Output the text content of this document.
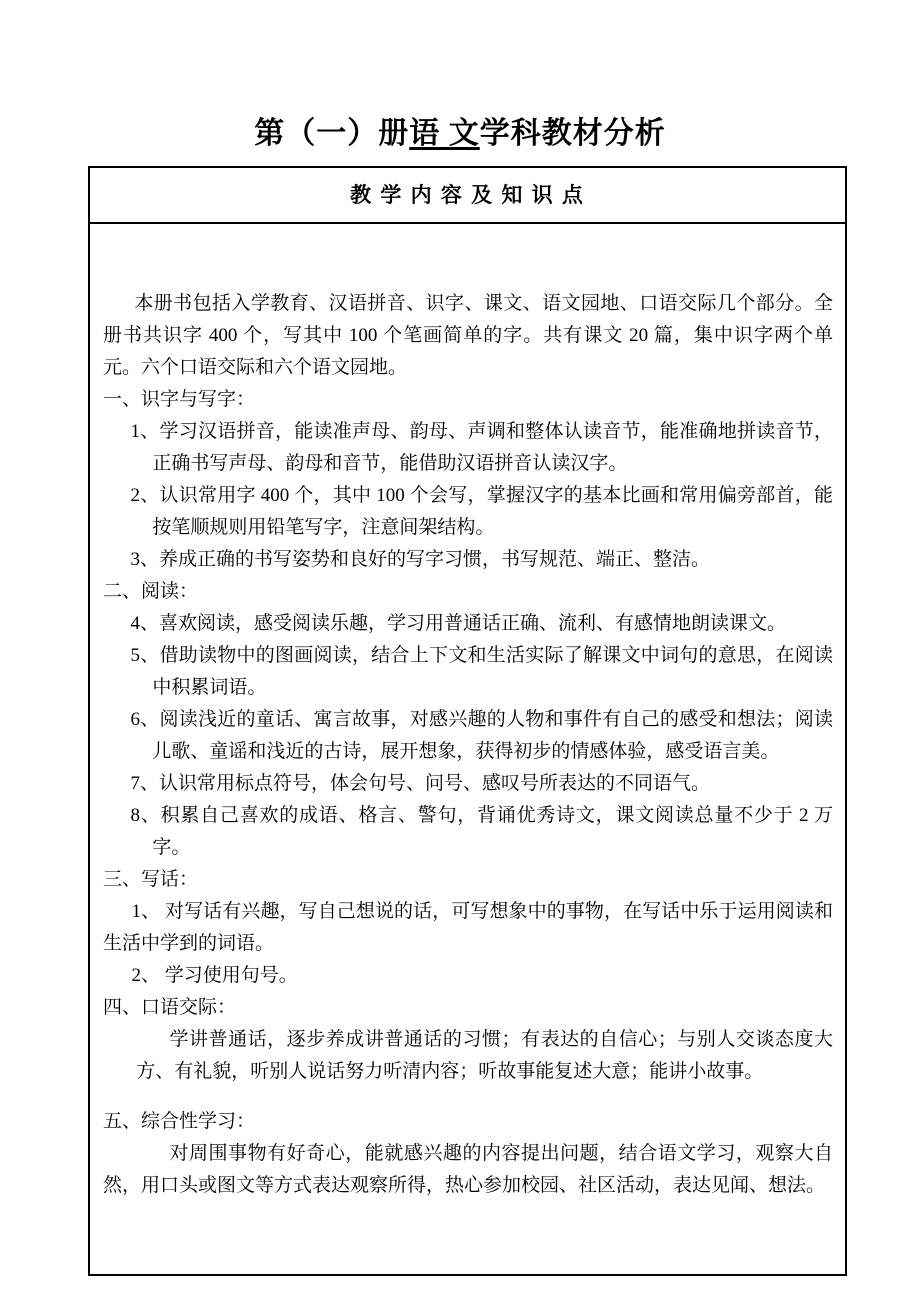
第（一）册语 文学科教材分析
教 学 内 容 及 知 识 点

本册书包括入学教育、汉语拼音、识字、课文、语文园地、口语交际几个部分。全册书共识字 400 个，写其中 100 个笔画简单的字。共有课文 20 篇，集中识字两个单元。六个口语交际和六个语文园地。

一、识字与写字：

1、学习汉语拼音，能读准声母、韵母、声调和整体认读音节，能准确地拼读音节，正确书写声母、韵母和音节，能借助汉语拼音认读汉字。

2、认识常用字 400 个，其中 100 个会写，掌握汉字的基本比画和常用偏旁部首，能按笔顺规则用铅笔写字，注意间架结构。

3、养成正确的书写姿势和良好的写字习惯，书写规范、端正、整洁。

二、阅读：

4、喜欢阅读，感受阅读乐趣，学习用普通话正确、流利、有感情地朗读课文。

5、借助读物中的图画阅读，结合上下文和生活实际了解课文中词句的意思，在阅读中积累词语。

6、阅读浅近的童话、寓言故事，对感兴趣的人物和事件有自己的感受和想法；阅读儿歌、童谣和浅近的古诗，展开想象，获得初步的情感体验，感受语言美。

7、认识常用标点符号，体会句号、问号、感叹号所表达的不同语气。

8、积累自己喜欢的成语、格言、警句，背诵优秀诗文，课文阅读总量不少于 2 万字。

三、写话：

1、 对写话有兴趣，写自己想说的话，可写想象中的事物，在写话中乐于运用阅读和生活中学到的词语。

2、 学习使用句号。

四、口语交际：

学讲普通话，逐步养成讲普通话的习惯；有表达的自信心；与别人交谈态度大方、有礼貌，听别人说话努力听清内容；听故事能复述大意；能讲小故事。

五、综合性学习：

对周围事物有好奇心，能就感兴趣的内容提出问题，结合语文学习，观察大自然，用口头或图文等方式表达观察所得，热心参加校园、社区活动，表达见闻、想法。
